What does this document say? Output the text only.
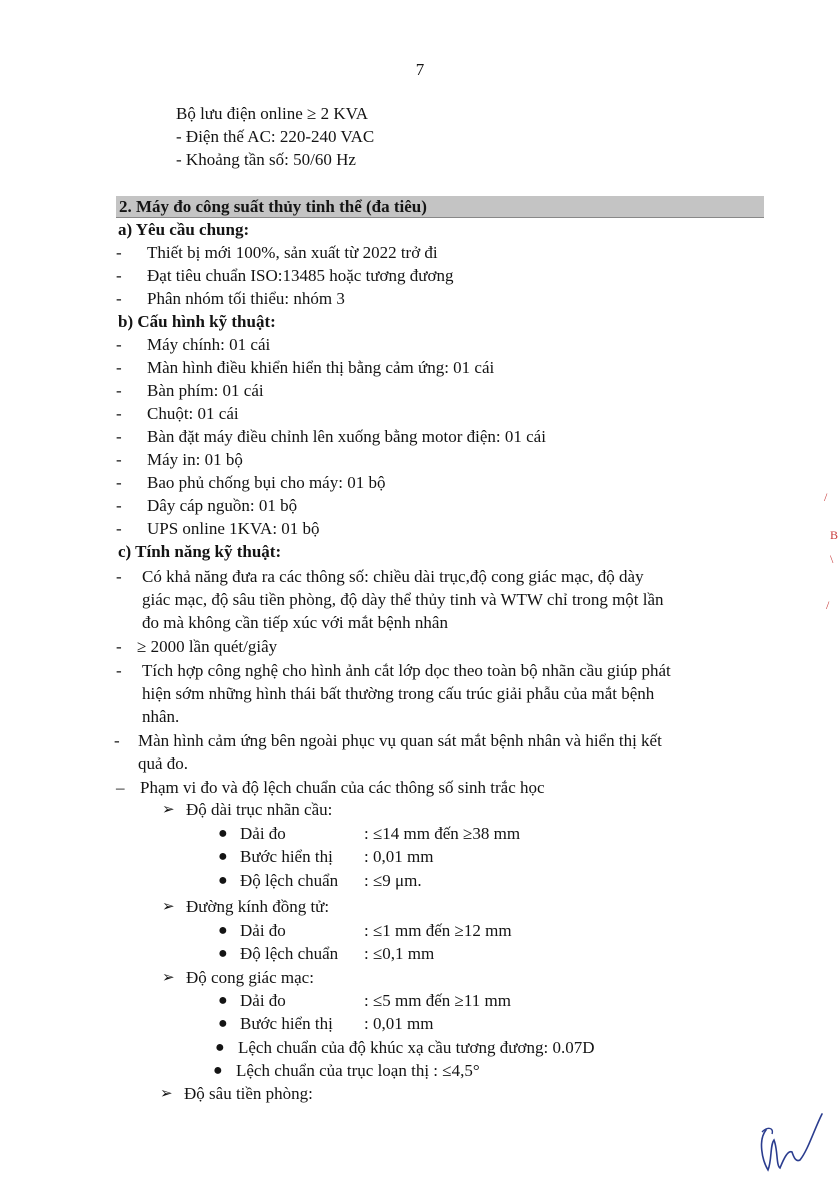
7
Bộ lưu điện online ≥ 2 KVA
- Điện thế AC: 220-240 VAC
- Khoảng tần số: 50/60 Hz
2. Máy đo công suất thủy tinh thể (đa tiêu)
a) Yêu cầu chung:
- Thiết bị mới 100%, sản xuất từ 2022 trở đi
- Đạt tiêu chuẩn ISO:13485 hoặc tương đương
- Phân nhóm tối thiểu: nhóm 3
b) Cấu hình kỹ thuật:
- Máy chính: 01 cái
- Màn hình điều khiển hiển thị bằng cảm ứng: 01 cái
- Bàn phím: 01 cái
- Chuột: 01 cái
- Bàn đặt máy điều chỉnh lên xuống bằng motor điện: 01 cái
- Máy in: 01 bộ
- Bao phủ chống bụi cho máy: 01 bộ
- Dây cáp nguồn: 01 bộ
- UPS online 1KVA: 01 bộ
c) Tính năng kỹ thuật:
- Có khả năng đưa ra các thông số: chiều dài trục,độ cong giác mạc, độ dày
giác mạc, độ sâu tiền phòng, độ dày thể thủy tinh và WTW chỉ trong một lần
đo mà không cần tiếp xúc với mắt bệnh nhân
- ≥ 2000 lần quét/giây
- Tích hợp công nghệ cho hình ảnh cắt lớp dọc theo toàn bộ nhãn cầu giúp phát
hiện sớm những hình thái bất thường trong cấu trúc giải phẫu của mắt bệnh
nhân.
- Màn hình cảm ứng bên ngoài phục vụ quan sát mắt bệnh nhân và hiển thị kết
quả đo.
– Phạm vi đo và độ lệch chuẩn của các thông số sinh trắc học
➢ Độ dài trục nhãn cầu:
● Dải đo	: ≤14 mm đến ≥38 mm
● Bước hiển thị : 0,01 mm
● Độ lệch chuẩn : ≤9 μm.
➢ Đường kính đồng tử:
● Dải đo	: ≤1 mm đến ≥12 mm
● Độ lệch chuẩn : ≤0,1 mm
➢ Độ cong giác mạc:
● Dải đo	: ≤5 mm đến ≥11 mm
● Bước hiển thị : 0,01 mm
● Lệch chuẩn của độ khúc xạ cầu tương đương: 0.07D
● Lệch chuẩn của trục loạn thị : ≤4,5°
➢ Độ sâu tiền phòng:
/
B
\
/
